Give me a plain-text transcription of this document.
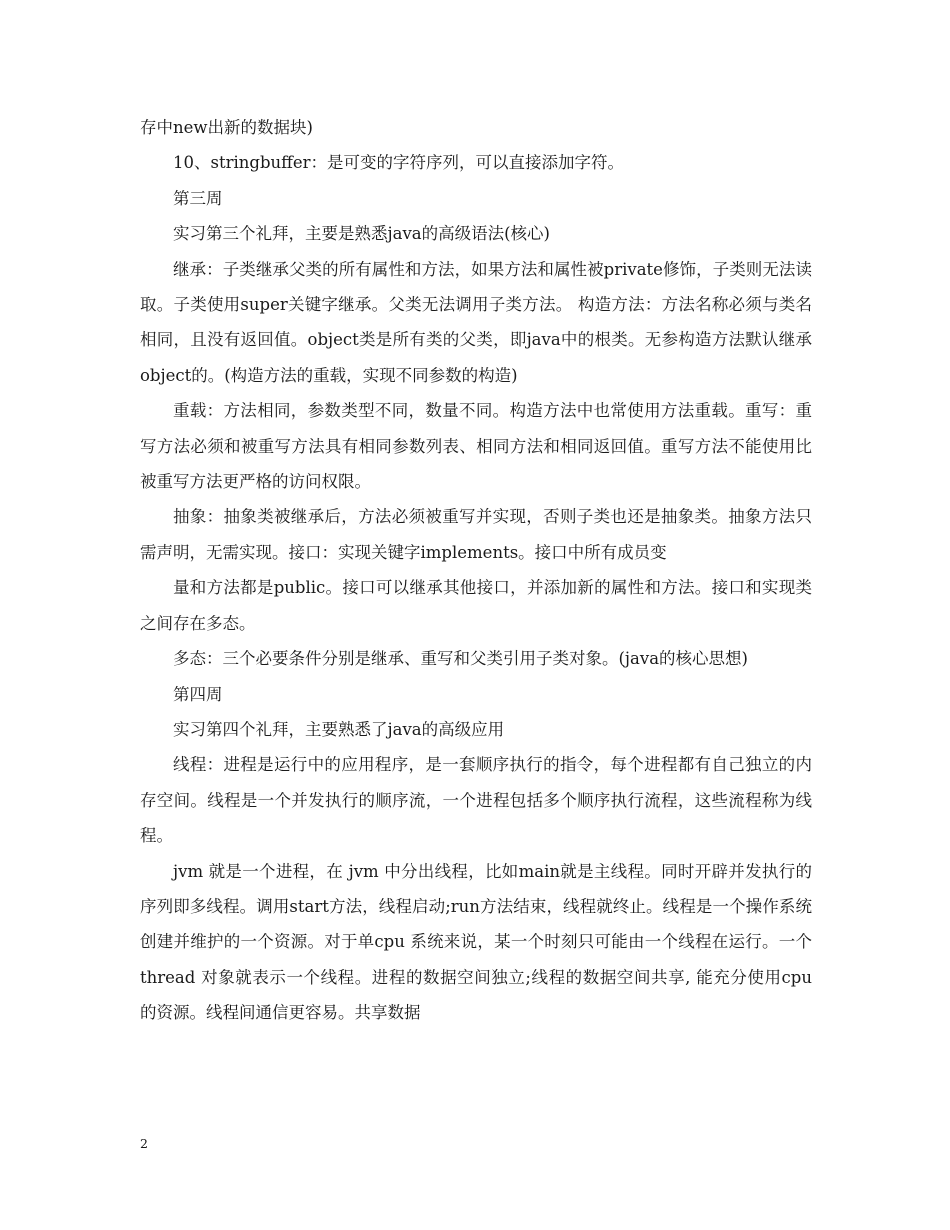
存中new出新的数据块)

10、stringbuffer：是可变的字符序列，可以直接添加字符。

第三周

实习第三个礼拜，主要是熟悉java的高级语法(核心)

继承：子类继承父类的所有属性和方法，如果方法和属性被private修饰，子类则无法读取。子类使用super关键字继承。父类无法调用子类方法。 构造方法：方法名称必须与类名相同，且没有返回值。object类是所有类的父类，即java中的根类。无参构造方法默认继承object的。(构造方法的重载，实现不同参数的构造)

重载：方法相同，参数类型不同，数量不同。构造方法中也常使用方法重载。重写：重写方法必须和被重写方法具有相同参数列表、相同方法和相同返回值。重写方法不能使用比被重写方法更严格的访问权限。

抽象：抽象类被继承后，方法必须被重写并实现，否则子类也还是抽象类。抽象方法只需声明，无需实现。接口：实现关键字implements。接口中所有成员变

量和方法都是public。接口可以继承其他接口，并添加新的属性和方法。接口和实现类之间存在多态。

多态：三个必要条件分别是继承、重写和父类引用子类对象。(java的核心思想)

第四周

实习第四个礼拜，主要熟悉了java的高级应用

线程：进程是运行中的应用程序，是一套顺序执行的指令，每个进程都有自己独立的内存空间。线程是一个并发执行的顺序流，一个进程包括多个顺序执行流程，这些流程称为线程。

jvm 就是一个进程，在 jvm 中分出线程，比如main就是主线程。同时开辟并发执行的序列即多线程。调用start方法，线程启动;run方法结束，线程就终止。线程是一个操作系统创建并维护的一个资源。对于单cpu 系统来说，某一个时刻只可能由一个线程在运行。一个 thread 对象就表示一个线程。进程的数据空间独立;线程的数据空间共享, 能充分使用cpu 的资源。线程间通信更容易。共享数据

2
